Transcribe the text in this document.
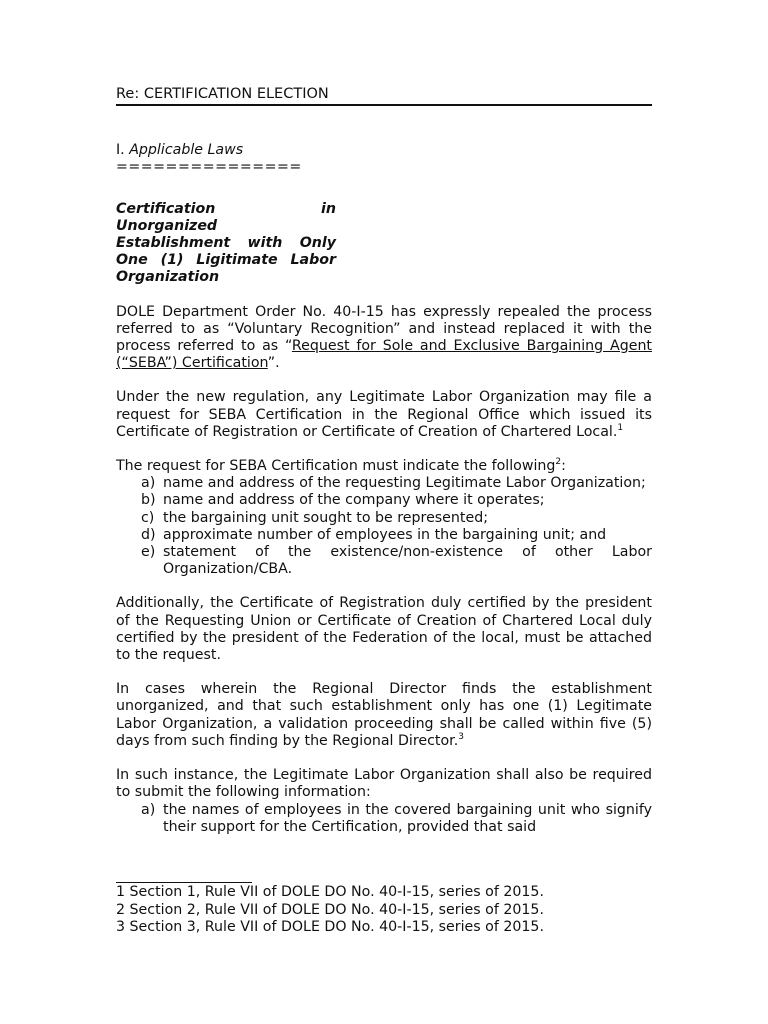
Re: CERTIFICATION ELECTION
I. Applicable Laws
===============
Certification	in
Unorganized
Establishment with Only
One (1) Ligitimate Labor
Organization

DOLE Department Order No. 40-I-15 has expressly repealed the process referred to as “Voluntary Recognition” and instead replaced it with the process referred to as “Request for Sole and Exclusive Bargaining Agent (“SEBA”) Certification”.

Under the new regulation, any Legitimate Labor Organization may file a request for SEBA Certification in the Regional Office which issued its Certificate of Registration or Certificate of Creation of Chartered Local.$^1$

The request for SEBA Certification must indicate the following$^2$:

a) name and address of the requesting Legitimate Labor Organization;
b) name and address of the company where it operates;
c) the bargaining unit sought to be represented;
d) approximate number of employees in the bargaining unit; and
e) statement of the existence/non-existence of other Labor Organization/CBA.

Additionally, the Certificate of Registration duly certified by the president of the Requesting Union or Certificate of Creation of Chartered Local duly certified by the president of the Federation of the local, must be attached to the request.

In cases wherein the Regional Director finds the establishment unorganized, and that such establishment only has one (1) Legitimate Labor Organization, a validation proceeding shall be called within five (5) days from such finding by the Regional Director.$^3$

In such instance, the Legitimate Labor Organization shall also be required to submit the following information:

a) the names of employees in the covered bargaining unit who signify their support for the Certification, provided that said
1 Section 1, Rule VII of DOLE DO No. 40-I-15, series of 2015.
2 Section 2, Rule VII of DOLE DO No. 40-I-15, series of 2015.
3 Section 3, Rule VII of DOLE DO No. 40-I-15, series of 2015.
